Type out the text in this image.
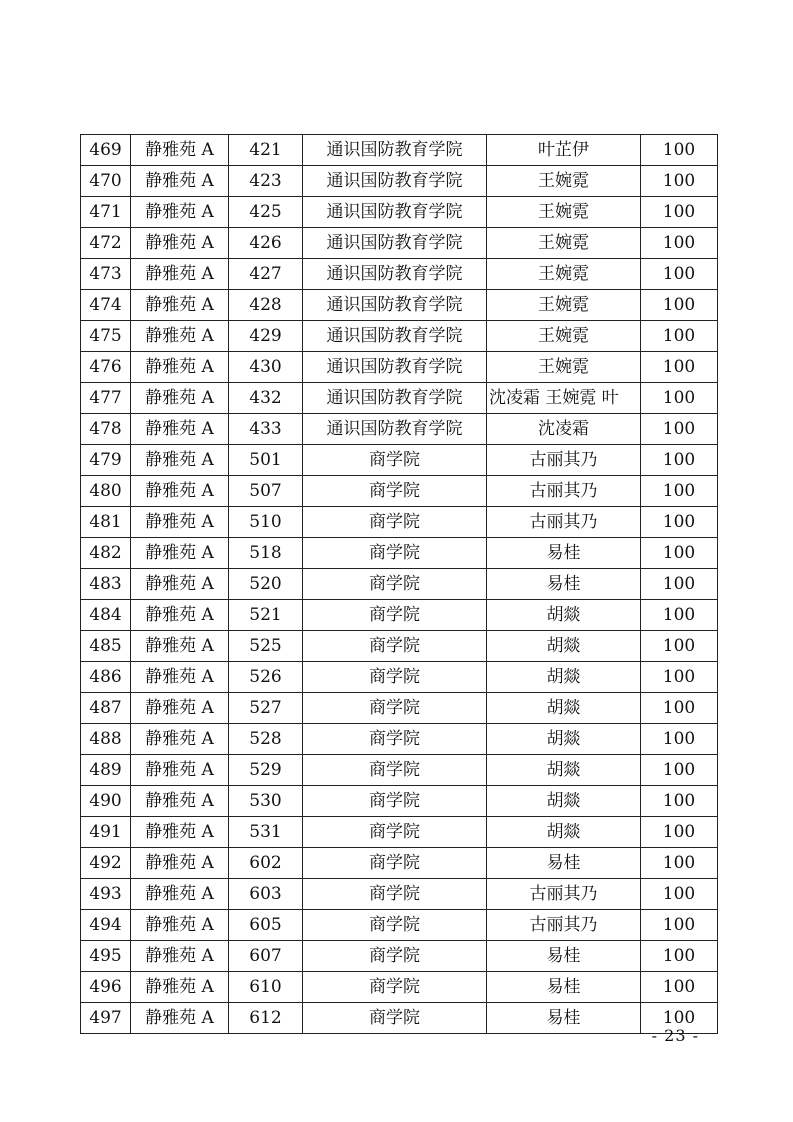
469	静雅苑 A	421	通识国防教育学院	叶芷伊	100
470	静雅苑 A	423	通识国防教育学院	王婉霓	100
471	静雅苑 A	425	通识国防教育学院	王婉霓	100
472	静雅苑 A	426	通识国防教育学院	王婉霓	100
473	静雅苑 A	427	通识国防教育学院	王婉霓	100
474	静雅苑 A	428	通识国防教育学院	王婉霓	100
475	静雅苑 A	429	通识国防教育学院	王婉霓	100
476	静雅苑 A	430	通识国防教育学院	王婉霓	100
477	静雅苑 A	432	通识国防教育学院	沈凌霜 王婉霓 叶	100
478	静雅苑 A	433	通识国防教育学院	沈凌霜	100
479	静雅苑 A	501	商学院	古丽其乃	100
480	静雅苑 A	507	商学院	古丽其乃	100
481	静雅苑 A	510	商学院	古丽其乃	100
482	静雅苑 A	518	商学院	易桂	100
483	静雅苑 A	520	商学院	易桂	100
484	静雅苑 A	521	商学院	胡燚	100
485	静雅苑 A	525	商学院	胡燚	100
486	静雅苑 A	526	商学院	胡燚	100
487	静雅苑 A	527	商学院	胡燚	100
488	静雅苑 A	528	商学院	胡燚	100
489	静雅苑 A	529	商学院	胡燚	100
490	静雅苑 A	530	商学院	胡燚	100
491	静雅苑 A	531	商学院	胡燚	100
492	静雅苑 A	602	商学院	易桂	100
493	静雅苑 A	603	商学院	古丽其乃	100
494	静雅苑 A	605	商学院	古丽其乃	100
495	静雅苑 A	607	商学院	易桂	100
496	静雅苑 A	610	商学院	易桂	100
497	静雅苑 A	612	商学院	易桂	100
- 23 -
